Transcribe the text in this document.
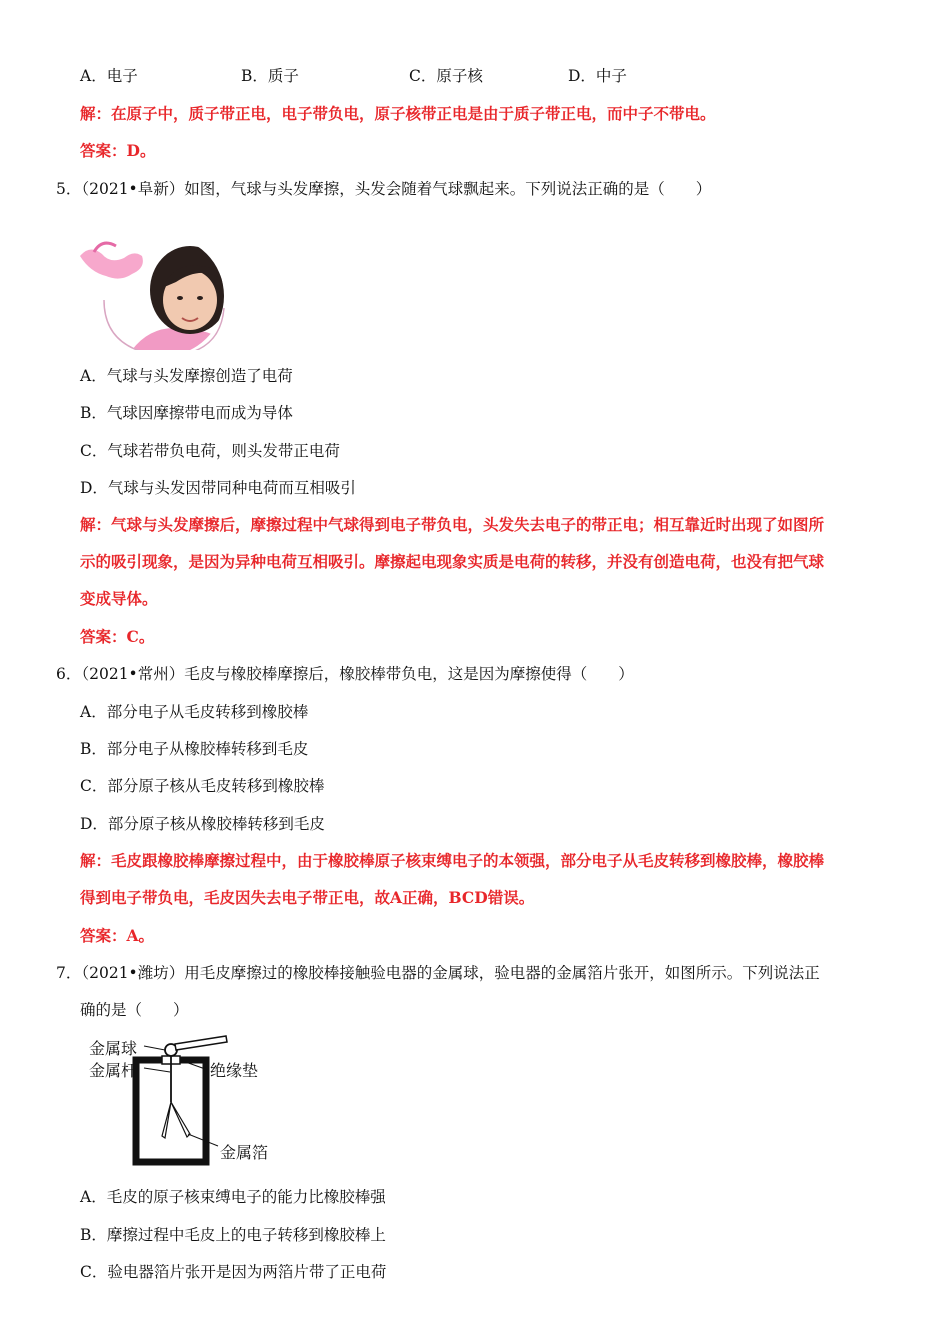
A．电子	B．质子	C．原子核	D．中子
解：在原子中，质子带正电，电子带负电，原子核带正电是由于质子带正电，而中子不带电。
答案：D。
5．（2021•阜新）如图，气球与头发摩擦，头发会随着气球飘起来。下列说法正确的是（　　）
A．气球与头发摩擦创造了电荷
B．气球因摩擦带电而成为导体
C．气球若带负电荷，则头发带正电荷
D．气球与头发因带同种电荷而互相吸引
解：气球与头发摩擦后，摩擦过程中气球得到电子带负电，头发失去电子的带正电；相互靠近时出现了如图所
示的吸引现象，是因为异种电荷互相吸引。摩擦起电现象实质是电荷的转移，并没有创造电荷，也没有把气球
变成导体。
答案：C。
6．（2021•常州）毛皮与橡胶棒摩擦后，橡胶棒带负电，这是因为摩擦使得（　　）
A．部分电子从毛皮转移到橡胶棒
B．部分电子从橡胶棒转移到毛皮
C．部分原子核从毛皮转移到橡胶棒
D．部分原子核从橡胶棒转移到毛皮
解：毛皮跟橡胶棒摩擦过程中，由于橡胶棒原子核束缚电子的本领强，部分电子从毛皮转移到橡胶棒，橡胶棒
得到电子带负电，毛皮因失去电子带正电，故A正确，BCD错误。
答案：A。
7．（2021•潍坊）用毛皮摩擦过的橡胶棒接触验电器的金属球，验电器的金属箔片张开，如图所示。下列说法正
确的是（　　）
金属球
金属杆	绝缘垫
金属箔
A．毛皮的原子核束缚电子的能力比橡胶棒强
B．摩擦过程中毛皮上的电子转移到橡胶棒上
C．验电器箔片张开是因为两箔片带了正电荷
